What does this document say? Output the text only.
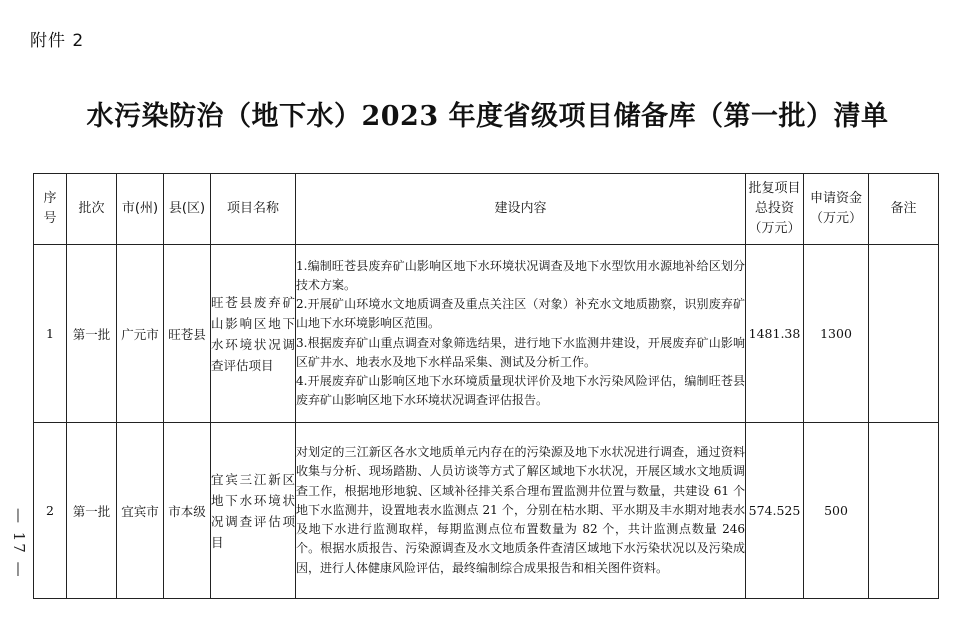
附件 2
水污染防治（地下水）2023 年度省级项目储备库（第一批）清单
— 17 —
序号	批次	市(州)	县(区)	项目名称	建设内容	批复项目总投资（万元）	申请资金（万元）	备注
1	第一批	广元市	旺苍县	旺苍县废弃矿山影响区地下水环境状况调查评估项目	1.编制旺苍县废弃矿山影响区地下水环境状况调查及地下水型饮用水源地补给区划分技术方案。

2.开展矿山环境水文地质调查及重点关注区（对象）补充水文地质勘察，识别废弃矿山地下水环境影响区范围。

3.根据废弃矿山重点调查对象筛选结果，进行地下水监测井建设，开展废弃矿山影响区矿井水、地表水及地下水样品采集、测试及分析工作。

4.开展废弃矿山影响区地下水环境质量现状评价及地下水污染风险评估，编制旺苍县废弃矿山影响区地下水环境状况调查评估报告。	1481.38	1300	
2	第一批	宜宾市	市本级	宜宾三江新区地下水环境状况调查评估项目	对划定的三江新区各水文地质单元内存在的污染源及地下水状况进行调查，通过资料收集与分析、现场踏勘、人员访谈等方式了解区域地下水状况，开展区域水文地质调查工作，根据地形地貌、区域补径排关系合理布置监测井位置与数量，共建设 61 个地下水监测井，设置地表水监测点 21 个，分别在枯水期、平水期及丰水期对地表水及地下水进行监测取样，每期监测点位布置数量为 82 个，共计监测点数量 246 个。根据水质报告、污染源调查及水文地质条件查清区域地下水污染状况以及污染成因，进行人体健康风险评估，最终编制综合成果报告和相关图件资料。	574.525	500	
